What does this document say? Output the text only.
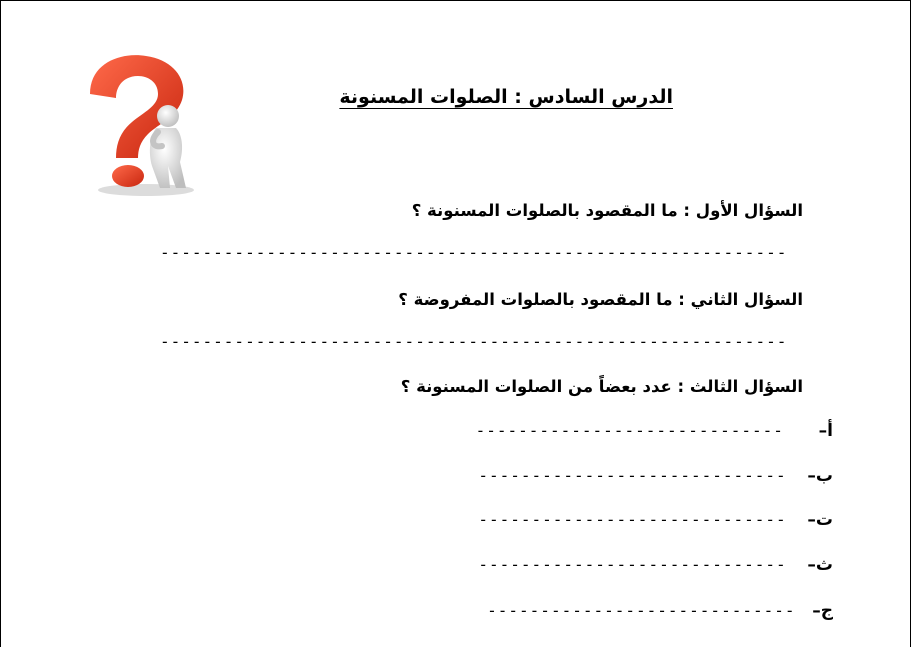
الدرس السادس : الصلوات المسنونة
السؤال الأول : ما المقصود بالصلوات المسنونة ؟
-----------------------------------------------------------
السؤال الثاني : ما المقصود بالصلوات المفروضة ؟
-----------------------------------------------------------
السؤال الثالث : عدد بعضاً من الصلوات المسنونة ؟
أ– -----------------------------
ب– -----------------------------
ت– -----------------------------
ث– -----------------------------
ج– -----------------------------
